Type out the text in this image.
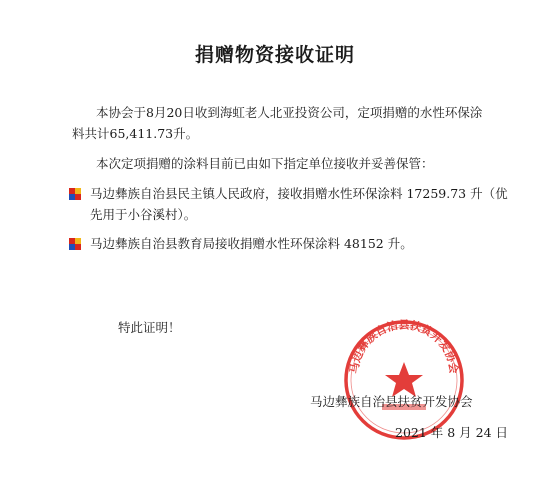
捐赠物资接收证明
本协会于8月20日收到海虹老人北亚投资公司，定项捐赠的水性环保涂料共计65,411.73升。
本次定项捐赠的涂料目前已由如下指定单位接收并妥善保管：
马边彝族自治县民主镇人民政府，接收捐赠水性环保涂料 17259.73 升（优先用于小谷溪村）。
马边彝族自治县教育局接收捐赠水性环保涂料 48152 升。
特此证明！
马边彝族自治县扶贫开发协会
马边彝族自治县扶贫开发协会
2021 年 8 月 24 日
